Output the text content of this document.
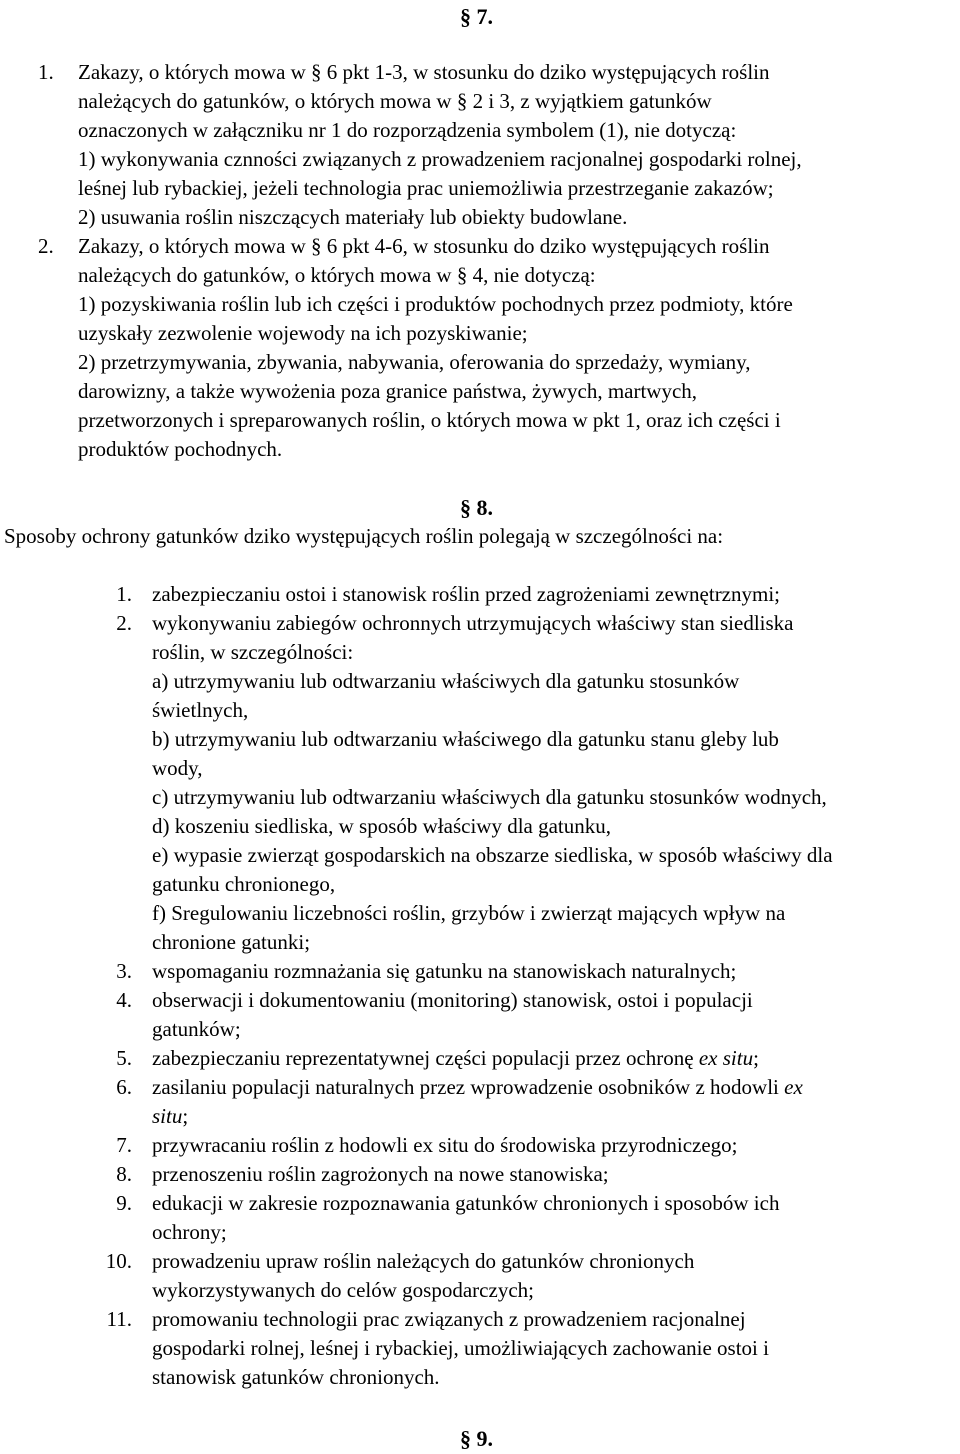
§ 7.
1. Zakazy, o których mowa w § 6 pkt 1-3, w stosunku do dziko występujących roślin
należących do gatunków, o których mowa w § 2 i 3, z wyjątkiem gatunków
oznaczonych w załączniku nr 1 do rozporządzenia symbolem (1), nie dotyczą:
1) wykonywania cznności związanych z prowadzeniem racjonalnej gospodarki rolnej,
leśnej lub rybackiej, jeżeli technologia prac uniemożliwia przestrzeganie zakazów;
2) usuwania roślin niszczących materiały lub obiekty budowlane.
2. Zakazy, o których mowa w § 6 pkt 4-6, w stosunku do dziko występujących roślin
należących do gatunków, o których mowa w § 4, nie dotyczą:
1) pozyskiwania roślin lub ich części i produktów pochodnych przez podmioty, które
uzyskały zezwolenie wojewody na ich pozyskiwanie;
2) przetrzymywania, zbywania, nabywania, oferowania do sprzedaży, wymiany,
darowizny, a także wywożenia poza granice państwa, żywych, martwych,
przetworzonych i spreparowanych roślin, o których mowa w pkt 1, oraz ich części i
produktów pochodnych.
§ 8.
Sposoby ochrony gatunków dziko występujących roślin polegają w szczególności na:
1. zabezpieczaniu ostoi i stanowisk roślin przed zagrożeniami zewnętrznymi;
2. wykonywaniu zabiegów ochronnych utrzymujących właściwy stan siedliska
roślin, w szczególności:
a) utrzymywaniu lub odtwarzaniu właściwych dla gatunku stosunków
świetlnych,
b) utrzymywaniu lub odtwarzaniu właściwego dla gatunku stanu gleby lub
wody,
c) utrzymywaniu lub odtwarzaniu właściwych dla gatunku stosunków wodnych,
d) koszeniu siedliska, w sposób właściwy dla gatunku,
e) wypasie zwierząt gospodarskich na obszarze siedliska, w sposób właściwy dla
gatunku chronionego,
f) Sregulowaniu liczebności roślin, grzybów i zwierząt mających wpływ na
chronione gatunki;
3. wspomaganiu rozmnażania się gatunku na stanowiskach naturalnych;
4. obserwacji i dokumentowaniu (monitoring) stanowisk, ostoi i populacji
gatunków;
5. zabezpieczaniu reprezentatywnej części populacji przez ochronę ex situ;
6. zasilaniu populacji naturalnych przez wprowadzenie osobników z hodowli ex
situ;
7. przywracaniu roślin z hodowli ex situ do środowiska przyrodniczego;
8. przenoszeniu roślin zagrożonych na nowe stanowiska;
9. edukacji w zakresie rozpoznawania gatunków chronionych i sposobów ich
ochrony;
10. prowadzeniu upraw roślin należących do gatunków chronionych
wykorzystywanych do celów gospodarczych;
11. promowaniu technologii prac związanych z prowadzeniem racjonalnej
gospodarki rolnej, leśnej i rybackiej, umożliwiających zachowanie ostoi i
stanowisk gatunków chronionych.
§ 9.
